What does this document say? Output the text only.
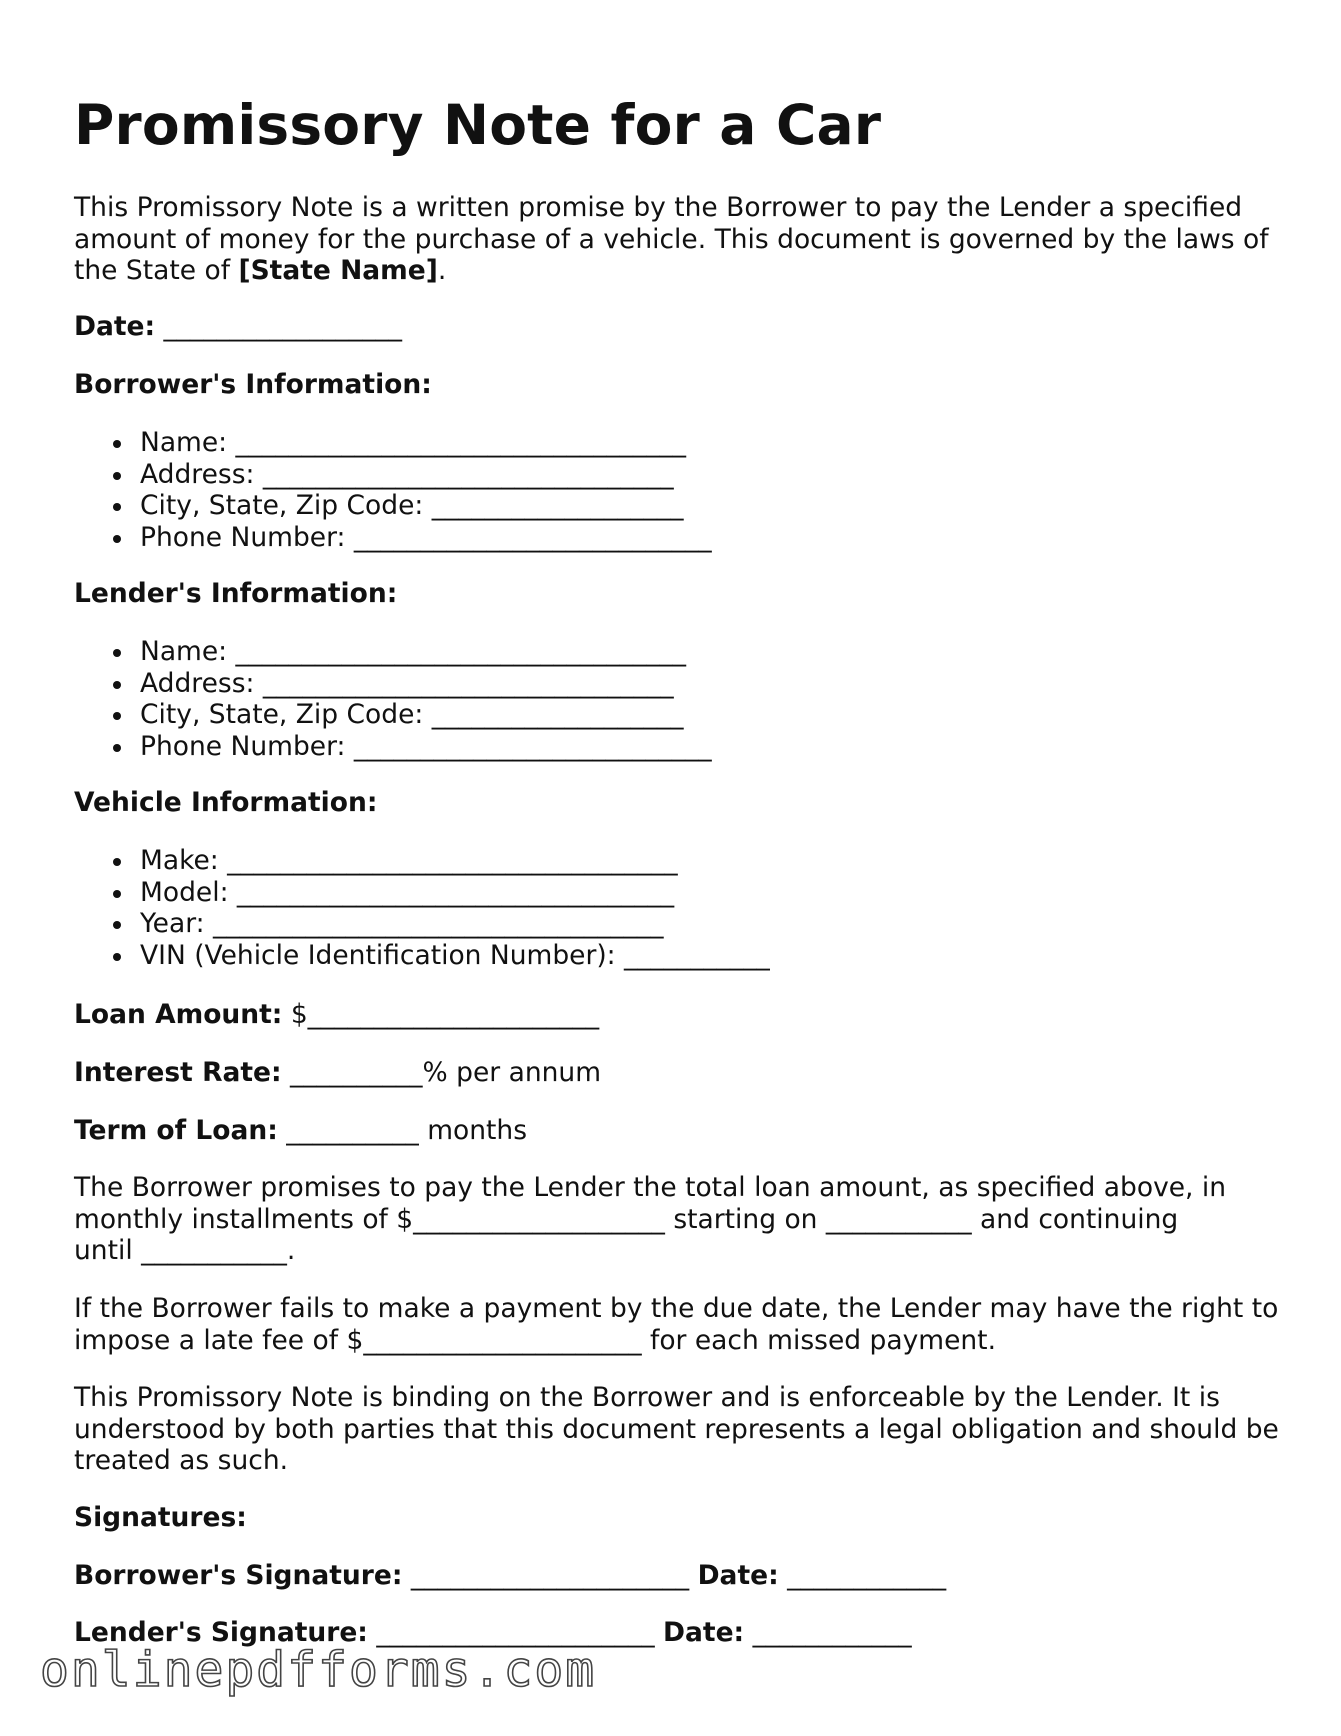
Promissory Note for a Car

This Promissory Note is a written promise by the Borrower to pay the Lender a specified
amount of money for the purchase of a vehicle. This document is governed by the laws of
the State of [State Name].

Date: __________________
Borrower's Information:
Name: __________________________________
Address: _______________________________
City, State, Zip Code: ___________________
Phone Number: ___________________________
Lender's Information:
Name: __________________________________
Address: _______________________________
City, State, Zip Code: ___________________
Phone Number: ___________________________
Vehicle Information:
Make: __________________________________
Model: _________________________________
Year: __________________________________
VIN (Vehicle Identification Number): ___________
Loan Amount: $______________________
Interest Rate: __________% per annum
Term of Loan: __________ months

The Borrower promises to pay the Lender the total loan amount, as specified above, in
monthly installments of $___________________ starting on ___________ and continuing
until ___________.

If the Borrower fails to make a payment by the due date, the Lender may have the right to
impose a late fee of $_____________________ for each missed payment.

This Promissory Note is binding on the Borrower and is enforceable by the Lender. It is
understood by both parties that this document represents a legal obligation and should be
treated as such.

Signatures:
Borrower's Signature: _____________________ Date: ____________
Lender's Signature: _____________________ Date: ____________
onlinepdfforms.com
